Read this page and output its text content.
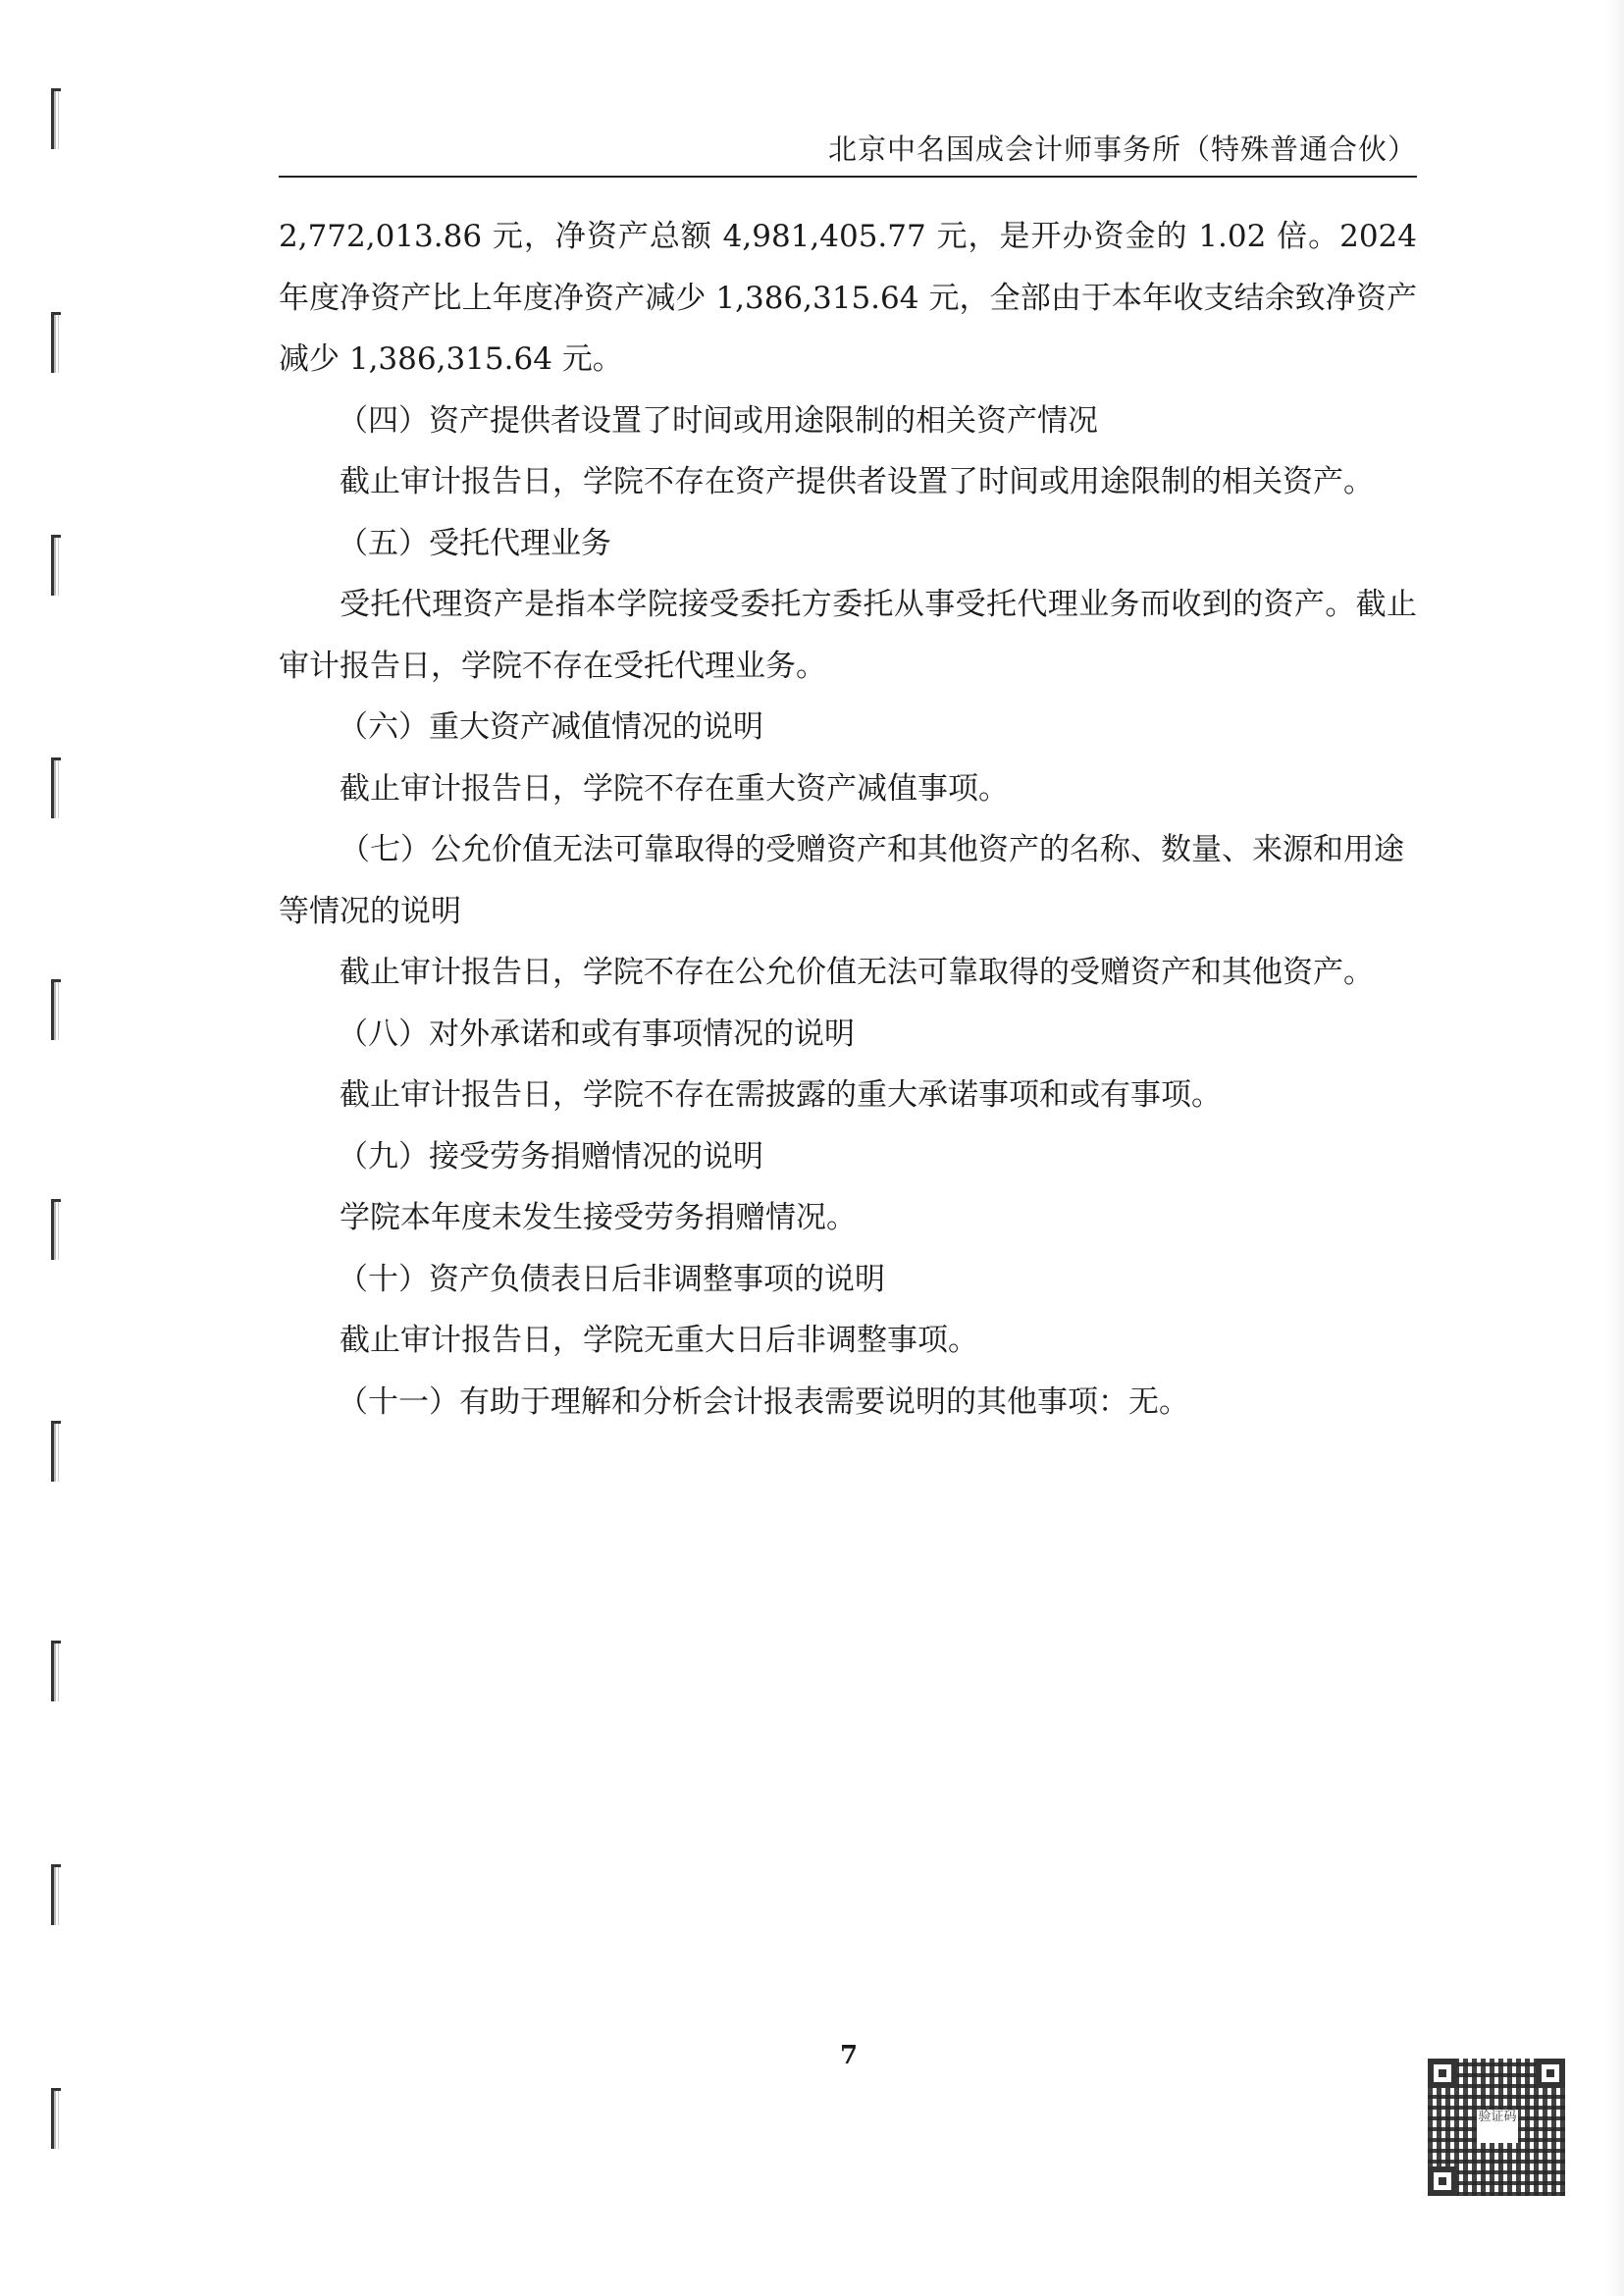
北京中名国成会计师事务所（特殊普通合伙）

2,772,013.86 元，净资产总额 4,981,405.77 元，是开办资金的 1.02 倍。2024 年度净资产比上年度净资产减少 1,386,315.64 元，全部由于本年收支结余致净资产减少 1,386,315.64 元。

（四）资产提供者设置了时间或用途限制的相关资产情况

截止审计报告日，学院不存在资产提供者设置了时间或用途限制的相关资产。

（五）受托代理业务

受托代理资产是指本学院接受委托方委托从事受托代理业务而收到的资产。截止审计报告日，学院不存在受托代理业务。

（六）重大资产减值情况的说明

截止审计报告日，学院不存在重大资产减值事项。

（七）公允价值无法可靠取得的受赠资产和其他资产的名称、数量、来源和用途等情况的说明

截止审计报告日，学院不存在公允价值无法可靠取得的受赠资产和其他资产。

（八）对外承诺和或有事项情况的说明

截止审计报告日，学院不存在需披露的重大承诺事项和或有事项。

（九）接受劳务捐赠情况的说明

学院本年度未发生接受劳务捐赠情况。

（十）资产负债表日后非调整事项的说明

截止审计报告日，学院无重大日后非调整事项。

（十一）有助于理解和分析会计报表需要说明的其他事项：无。

7
验证码
